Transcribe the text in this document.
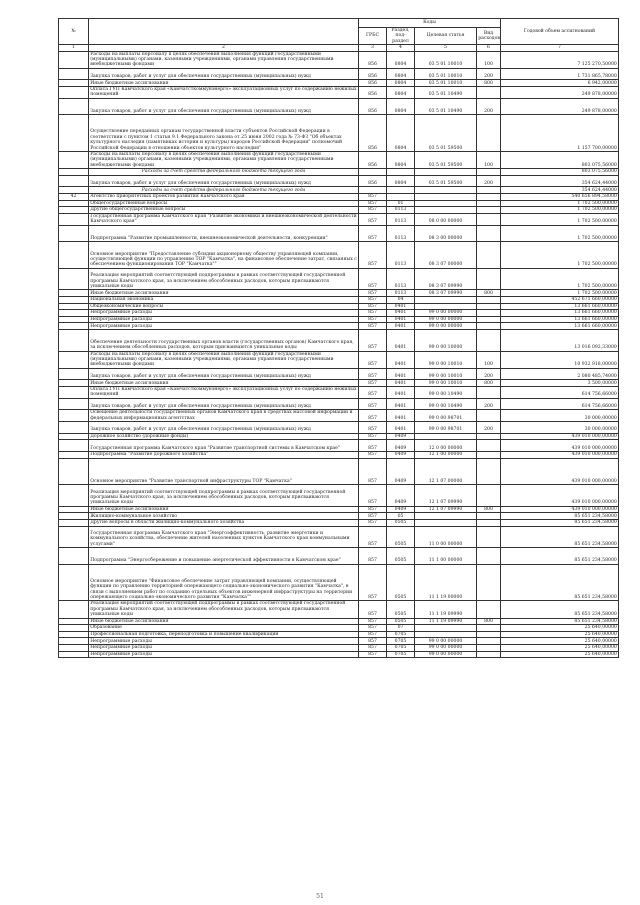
№		Коды				Годовой объем ассигнований
		ГРБС	Раздел, под-раздел	Целевая статья	Вид расходов	
1	2	3	4	5	6	7
	Расходы на выплаты персоналу в целях обеспечения выполнения функций государственными (муниципальными) органами, казенными учреждениями, органами управления государственными внебюджетными фондами	856	0804	03 5 01 10010	100	7 125 270,50000
	Закупка товаров, работ и услуг для обеспечения государственных (муниципальных) нужд	856	0804	03 5 01 10010	200	1 731 865,78000
	Иные бюджетные ассигнования	856	0804	03 5 01 10010	800	6 942,00000
	Оплата ГУП Камчатского края «Камчатсткоммунэнерго» эксплуатационных услуг по содержанию нежилых помещений	856	0804	03 5 01 10490		249 878,00000
	Закупка товаров, работ и услуг для обеспечения государственных (муниципальных) нужд	856	0804	03 5 01 10490	200	249 878,00000
	Осуществление переданных органам государственной власти субъектов Российской Федерации в соответствии с пунктом 1 статьи 9.1 Федерального закона от 25 июня 2002 года № 73-ФЗ "Об объектах культурного наследия (памятниках истории и культуры) народов Российской Федерации" полномочий Российской Федерации в отношении объектов культурного наследия"	856	0804	03 5 01 59500		1 157 700,00000
	Расходы на выплаты персоналу в целях обеспечения выполнения функций государственными (муниципальными) органами, казенными учреждениями, органами управления государственными внебюджетными фондами	856	0804	03 5 01 59500	100	803 075,56000
	Расходы за счет средств федерального бюджета текущего года					803 075,56000
	Закупка товаров, работ и услуг для обеспечения государственных (муниципальных) нужд	856	0804	03 5 01 59500	200	354 624,44000
	Расходы за счет средств федерального бюджета текущего года					354 624,44000
42	Агентство приоритетных проектов развития Камчатского края	857				540 656 894,58000
	Общегосударственные вопросы	857	01			1 702 500,00000
	Другие общегосударственные вопросы	857	0113			1 702 500,00000
	Государственная программа Камчатского края "Развитие экономики и внешнеэкономической деятельности Камчатского края"	857	0113	08 0 00 00000		1 702 500,00000
	Подпрограмма "Развитие промышленности, внешнеэкономической деятельности, конкуренции"	857	0113	08 3 00 00000		1 702 500,00000
	Основное мероприятие "Предоставление субсидии акционерному обществу управляющей компании, осуществляющей функции по управлению ТОР "Камчатка", на финансовое обеспечение затрат, связанных с обеспечением функционирования ТОР "Камчатка""	857	0113	08 3 07 00000		1 702 500,00000
	Реализация мероприятий соответствующей подпрограммы в рамках соответствующей государственной программы Камчатского края, за исключением обособленных расходов, которым присваиваются уникальные коды	857	0113	08 3 07 09990		1 702 500,00000
	Иные бюджетные ассигнования	857	0113	08 3 07 09990	800	1 702 500,00000
	Национальная экономика	857	04			452 671 660,00000
	Общеэкономические вопросы	857	0401			13 661 660,00000
	Непрограммные расходы	857	0401	99 0 00 00000		13 661 660,00000
	Непрограммные расходы	857	0401	99 0 00 00000		13 661 660,00000
	Непрограммные расходы	857	0401	99 0 00 00000		13 661 660,00000
	Обеспечение деятельности государственных органов власти (государственных органов) Камчатского края, за исключением обособленных расходов, которым присваиваются уникальные коды	857	0401	99 0 00 10000		13 016 092,33000
	Расходы на выплаты персоналу в целях обеспечения выполнения функций государственными (муниципальными) органами, казенными учреждениями, органами управления государственными внебюджетными фондами	857	0401	99 0 00 10010	100	10 932 918,00000
	Закупка товаров, работ и услуг для обеспечения государственных (муниципальных) нужд	857	0401	99 0 00 10010	200	2 080 485,74000
	Иные бюджетные ассигнования	857	0401	99 0 00 10010	800	3 500,00000
	Оплата ГУП Камчатского края «Камчатсткоммунэнерго» эксплуатационных услуг по содержанию нежилых помещений	857	0401	99 0 00 10490		614 756,66000
	Закупка товаров, работ и услуг для обеспечения государственных (муниципальных) нужд	857	0401	99 0 00 10490	200	614 756,66000
	Освещение деятельности государственных органов Камчатского края в средствах массовой информации и федеральных информационных агентствах	857	0401	99 0 00 98701		30 000,00000
	Закупка товаров, работ и услуг для обеспечения государственных (муниципальных) нужд	857	0401	99 0 00 98701	200	30 000,00000
	Дорожное хозяйство (дорожные фонды)	857	0409			439 010 000,00000
	Государственная программа Камчатского края "Развитие транспортной системы в Камчатском крае"	857	0409	12 0 00 00000		439 010 000,00000
	Подпрограмма "Развитие дорожного хозяйства"	857	0409	12 1 00 00000		439 010 000,00000
	Основное мероприятие "Развитие транспортной инфраструктуры ТОР "Камчатка"	857	0409	12 1 07 00000		439 010 000,00000
	Реализация мероприятий соответствующей подпрограммы в рамках соответствующей государственной программы Камчатского края, за исключением обособленных расходов, которым присваиваются уникальные коды	857	0409	12 1 07 09990		439 010 000,00000
	Иные бюджетные ассигнования	857	0409	12 1 07 09990	800	439 010 000,00000
	Жилищно-коммунальное хозяйство	857	05			85 651 234,58000
	Другие вопросы в области жилищно-коммунального хозяйства	857	0505			85 651 234,58000
	Государственная программа Камчатского края "Энергоэффективность, развитие энергетики и коммунального хозяйства, обеспечение жителей населенных пунктов Камчатского края коммунальными услугами"	857	0505	11 0 00 00000		85 651 234,58000
	Подпрограмма "Энергосбережение и повышение энергетической эффективности в Камчатском крае"	857	0505	11 1 00 00000		85 651 234,58000
	Основное мероприятие "Финансовое обеспечение затрат управляющей компании, осуществляющей функции по управлению территорией опережающего социально-экономического развития "Камчатка", в связи с выполнением работ по созданию отдельных объектов инженерной инфраструктуры на территории опережающего социально-экономического развития "Камчатка""	857	0505	11 1 19 00000		85 651 234,58000
	Реализация мероприятий соответствующей подпрограммы в рамках соответствующей государственной программы Камчатского края, за исключением обособленных расходов, которым присваиваются уникальные коды	857	0505	11 1 19 09990		85 651 234,58000
	Иные бюджетные ассигнования	857	0505	11 1 19 09990	800	85 651 234,58000
	Образование	857	07			25 640,00000
	Профессиональная подготовка, переподготовка и повышение квалификации	857	0705			25 640,00000
	Непрограммные расходы	857	0705	99 0 00 00000		25 640,00000
	Непрограммные расходы	857	0705	99 0 00 00000		25 640,00000
	Непрограммные расходы	857	0705	99 0 00 00000		25 640,00000
51
